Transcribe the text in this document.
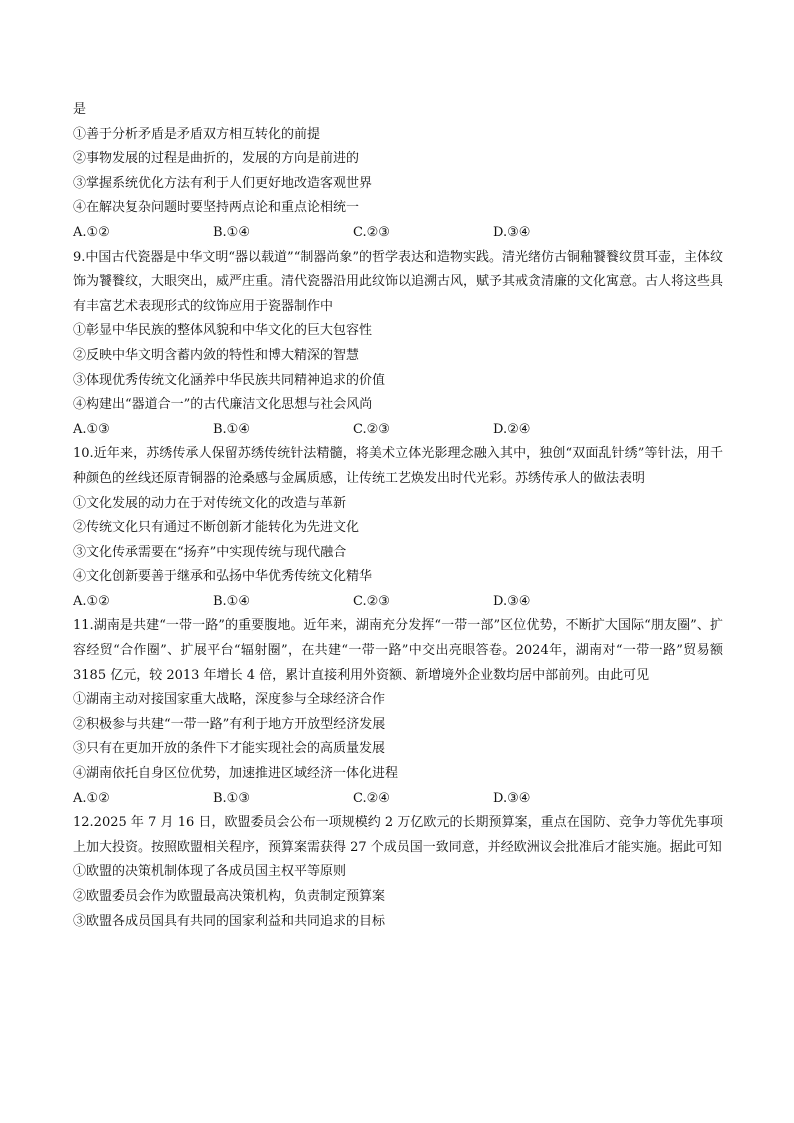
是
①善于分析矛盾是矛盾双方相互转化的前提
②事物发展的过程是曲折的，发展的方向是前进的
③掌握系统优化方法有利于人们更好地改造客观世界
④在解决复杂问题时要坚持两点论和重点论相统一
A.①②	B.①④	C.②③	D.③④
9.中国古代瓷器是中华文明“器以载道”“制器尚象”的哲学表达和造物实践。清光绪仿古铜釉饕餮纹贯耳壶，主体纹饰为饕餮纹，大眼突出，威严庄重。清代瓷器沿用此纹饰以追溯古风，赋予其戒贪清廉的文化寓意。古人将这些具有丰富艺术表现形式的纹饰应用于瓷器制作中
①彰显中华民族的整体风貌和中华文化的巨大包容性
②反映中华文明含蓄内敛的特性和博大精深的智慧
③体现优秀传统文化涵养中华民族共同精神追求的价值
④构建出“器道合一”的古代廉洁文化思想与社会风尚
A.①③	B.①④	C.②③	D.②④
10.近年来，苏绣传承人保留苏绣传统针法精髓，将美术立体光影理念融入其中，独创“双面乱针绣”等针法，用千种颜色的丝线还原青铜器的沧桑感与金属质感，让传统工艺焕发出时代光彩。苏绣传承人的做法表明
①文化发展的动力在于对传统文化的改造与革新
②传统文化只有通过不断创新才能转化为先进文化
③文化传承需要在“扬弃”中实现传统与现代融合
④文化创新要善于继承和弘扬中华优秀传统文化精华
A.①②	B.①④	C.②③	D.③④
11.湖南是共建“一带一路”的重要腹地。近年来，湖南充分发挥“一带一部”区位优势，不断扩大国际“朋友圈”、扩容经贸“合作圈”、扩展平台“辐射圈”，在共建“一带一路”中交出亮眼答卷。2024年，湖南对“一带一路”贸易额 3185 亿元，较 2013 年增长 4 倍，累计直接利用外资额、新增境外企业数均居中部前列。由此可见
①湖南主动对接国家重大战略，深度参与全球经济合作
②积极参与共建“一带一路”有利于地方开放型经济发展
③只有在更加开放的条件下才能实现社会的高质量发展
④湖南依托自身区位优势，加速推进区域经济一体化进程
A.①②	B.①③	C.②④	D.③④
12.2025 年 7 月 16 日，欧盟委员会公布一项规模约 2 万亿欧元的长期预算案，重点在国防、竞争力等优先事项上加大投资。按照欧盟相关程序，预算案需获得 27 个成员国一致同意，并经欧洲议会批准后才能实施。据此可知
①欧盟的决策机制体现了各成员国主权平等原则
②欧盟委员会作为欧盟最高决策机构，负责制定预算案
③欧盟各成员国具有共同的国家利益和共同追求的目标
